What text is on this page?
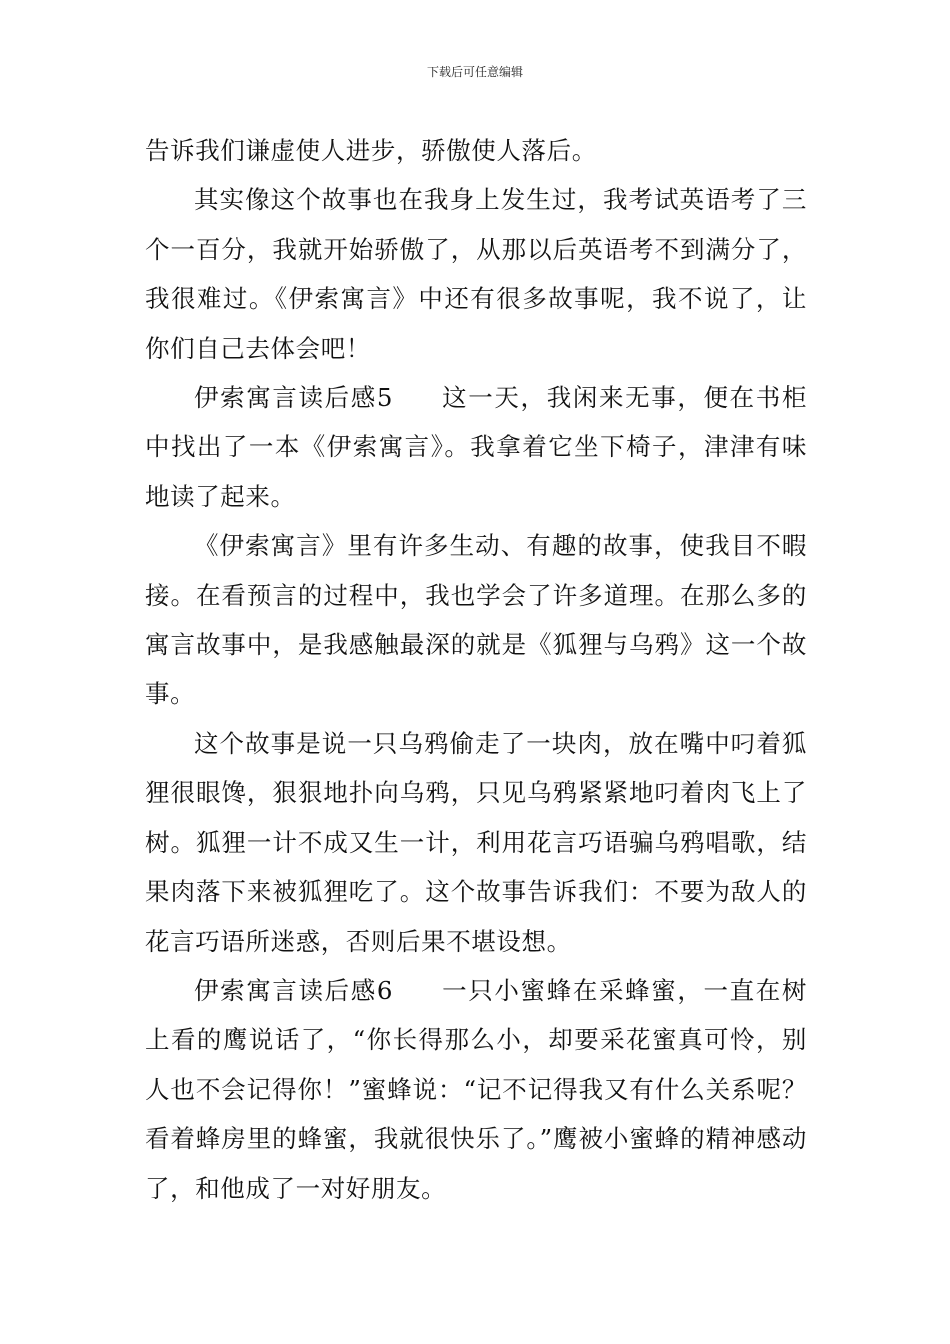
下载后可任意编辑

告诉我们谦虚使人进步，骄傲使人落后。

其实像这个故事也在我身上发生过，我考试英语考了三个一百分，我就开始骄傲了，从那以后英语考不到满分了，我很难过。《伊索寓言》中还有很多故事呢，我不说了，让你们自己去体会吧！

伊索寓言读后感5 这一天，我闲来无事，便在书柜中找出了一本《伊索寓言》。我拿着它坐下椅子，津津有味地读了起来。

《伊索寓言》里有许多生动、有趣的故事，使我目不暇接。在看预言的过程中，我也学会了许多道理。在那么多的寓言故事中，是我感触最深的就是《狐狸与乌鸦》这一个故事。

这个故事是说一只乌鸦偷走了一块肉，放在嘴中叼着狐狸很眼馋，狠狠地扑向乌鸦，只见乌鸦紧紧地叼着肉飞上了树。狐狸一计不成又生一计，利用花言巧语骗乌鸦唱歌，结果肉落下来被狐狸吃了。这个故事告诉我们：不要为敌人的花言巧语所迷惑，否则后果不堪设想。

伊索寓言读后感6 一只小蜜蜂在采蜂蜜，一直在树上看的鹰说话了，“你长得那么小，却要采花蜜真可怜，别人也不会记得你！”蜜蜂说：“记不记得我又有什么关系呢？看着蜂房里的蜂蜜，我就很快乐了。”鹰被小蜜蜂的精神感动了，和他成了一对好朋友。
